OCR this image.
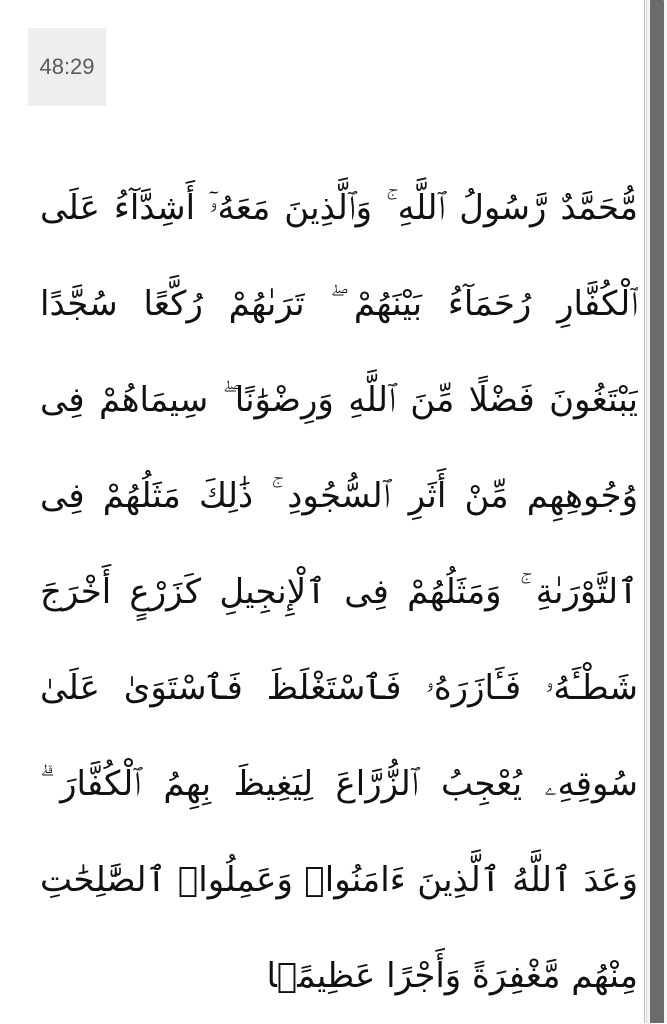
48:29
مُّحَمَّدٌ رَّسُولُ ٱللَّهِ ۚ وَٱلَّذِينَ مَعَهُۥٓ أَشِدَّآءُ عَلَى
ٱلْكُفَّارِ رُحَمَآءُ بَيْنَهُمْ ۖ تَرَىٰهُمْ رُكَّعًا سُجَّدًا
يَبْتَغُونَ فَضْلًا مِّنَ ٱللَّهِ وَرِضْوَٰنًا ۖ سِيمَاهُمْ فِى
وُجُوهِهِم مِّنْ أَثَرِ ٱلسُّجُودِ ۚ ذَٰلِكَ مَثَلُهُمْ فِى
ٱلتَّوْرَىٰةِ ۚ وَمَثَلُهُمْ فِى ٱلْإِنجِيلِ كَزَرْعٍ أَخْرَجَ
شَطْـَٔهُۥ فَـَٔازَرَهُۥ فَٱسْتَغْلَظَ فَٱسْتَوَىٰ عَلَىٰ
سُوقِهِۦ يُعْجِبُ ٱلزُّرَّاعَ لِيَغِيظَ بِهِمُ ٱلْكُفَّارَ ۗ
وَعَدَ ٱللَّهُ ٱلَّذِينَ ءَامَنُوا۟ وَعَمِلُوا۟ ٱلصَّٰلِحَٰتِ
مِنْهُم مَّغْفِرَةً وَأَجْرًا عَظِيمًۢا
